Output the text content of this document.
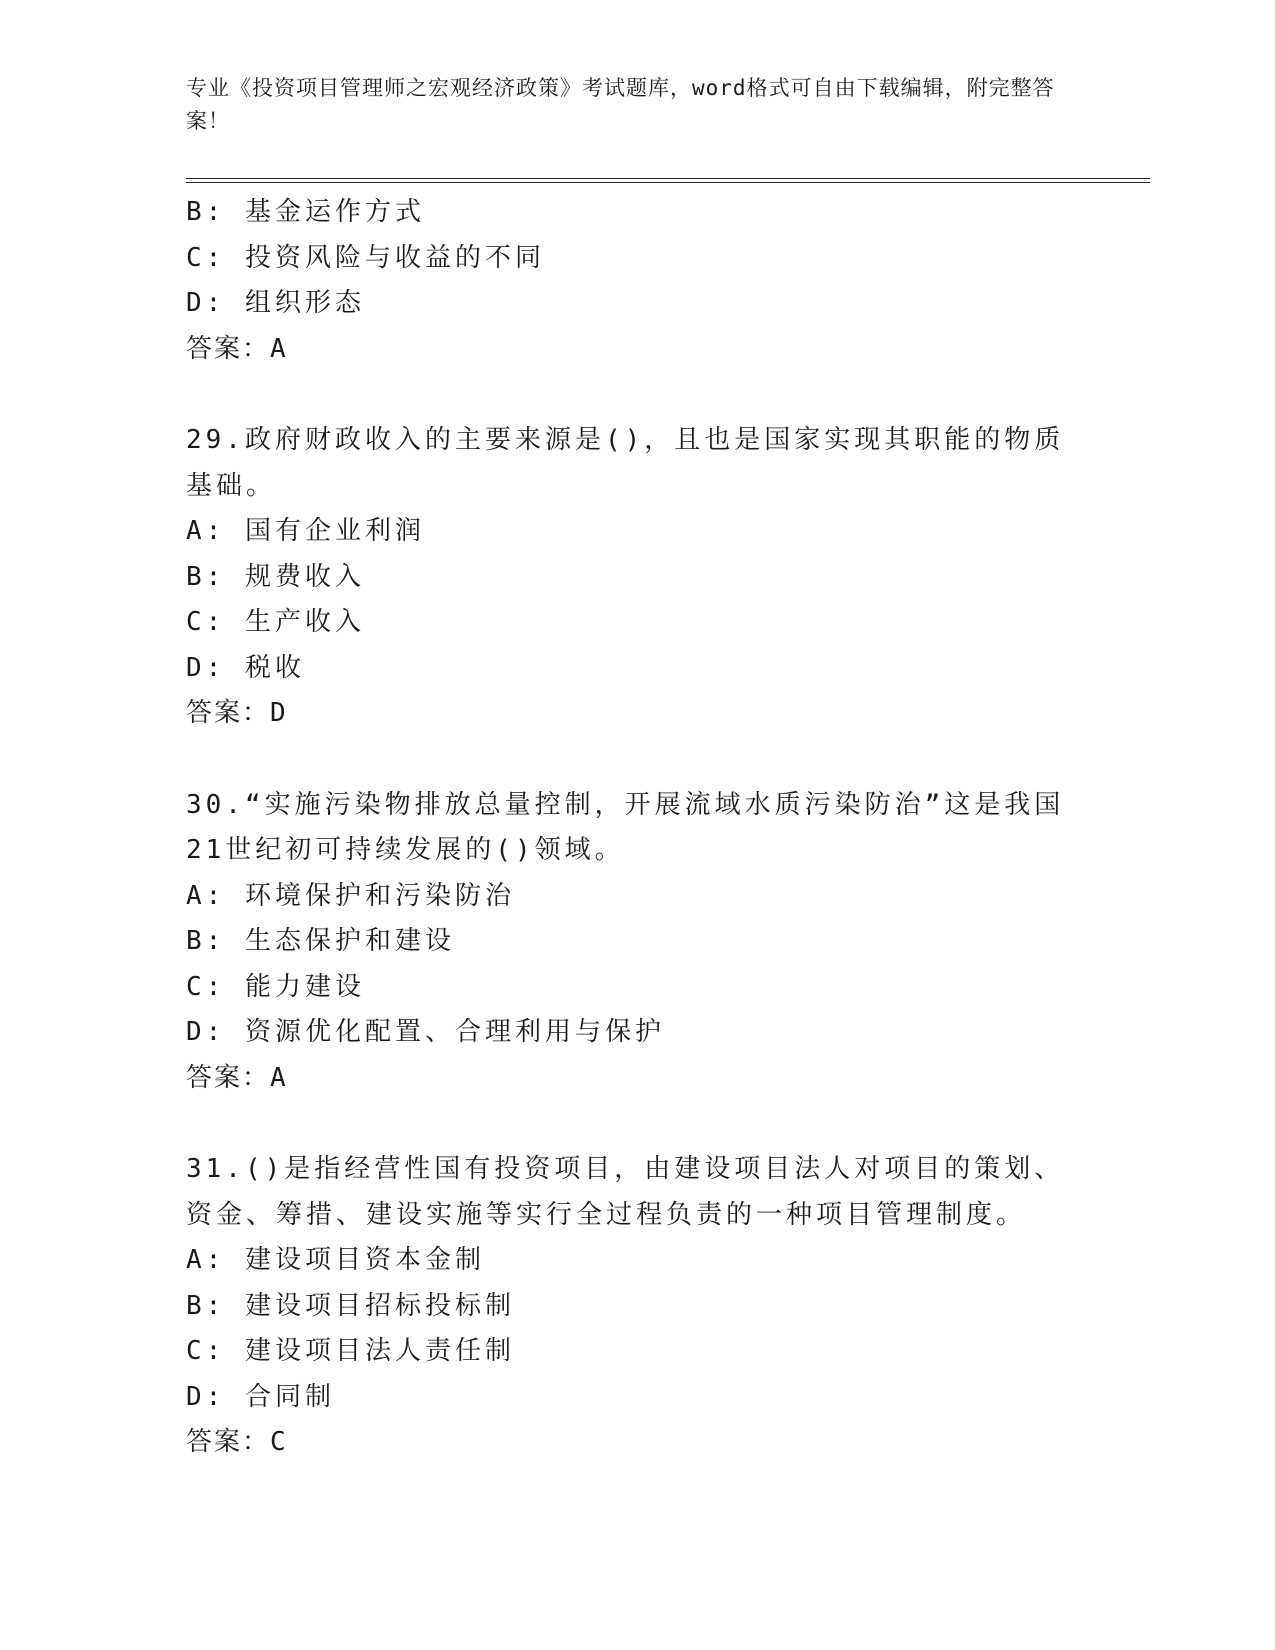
专业《投资项目管理师之宏观经济政策》考试题库，word格式可自由下载编辑，附完整答案！
B: 基金运作方式
C: 投资风险与收益的不同
D: 组织形态
答案：A
29.政府财政收入的主要来源是()，且也是国家实现其职能的物质基础。
A: 国有企业利润
B: 规费收入
C: 生产收入
D: 税收
答案：D
30.“实施污染物排放总量控制，开展流域水质污染防治”这是我国21世纪初可持续发展的()领域。
A: 环境保护和污染防治
B: 生态保护和建设
C: 能力建设
D: 资源优化配置、合理利用与保护
答案：A
31.()是指经营性国有投资项目，由建设项目法人对项目的策划、资金、筹措、建设实施等实行全过程负责的一种项目管理制度。
A: 建设项目资本金制
B: 建设项目招标投标制
C: 建设项目法人责任制
D: 合同制
答案：C
